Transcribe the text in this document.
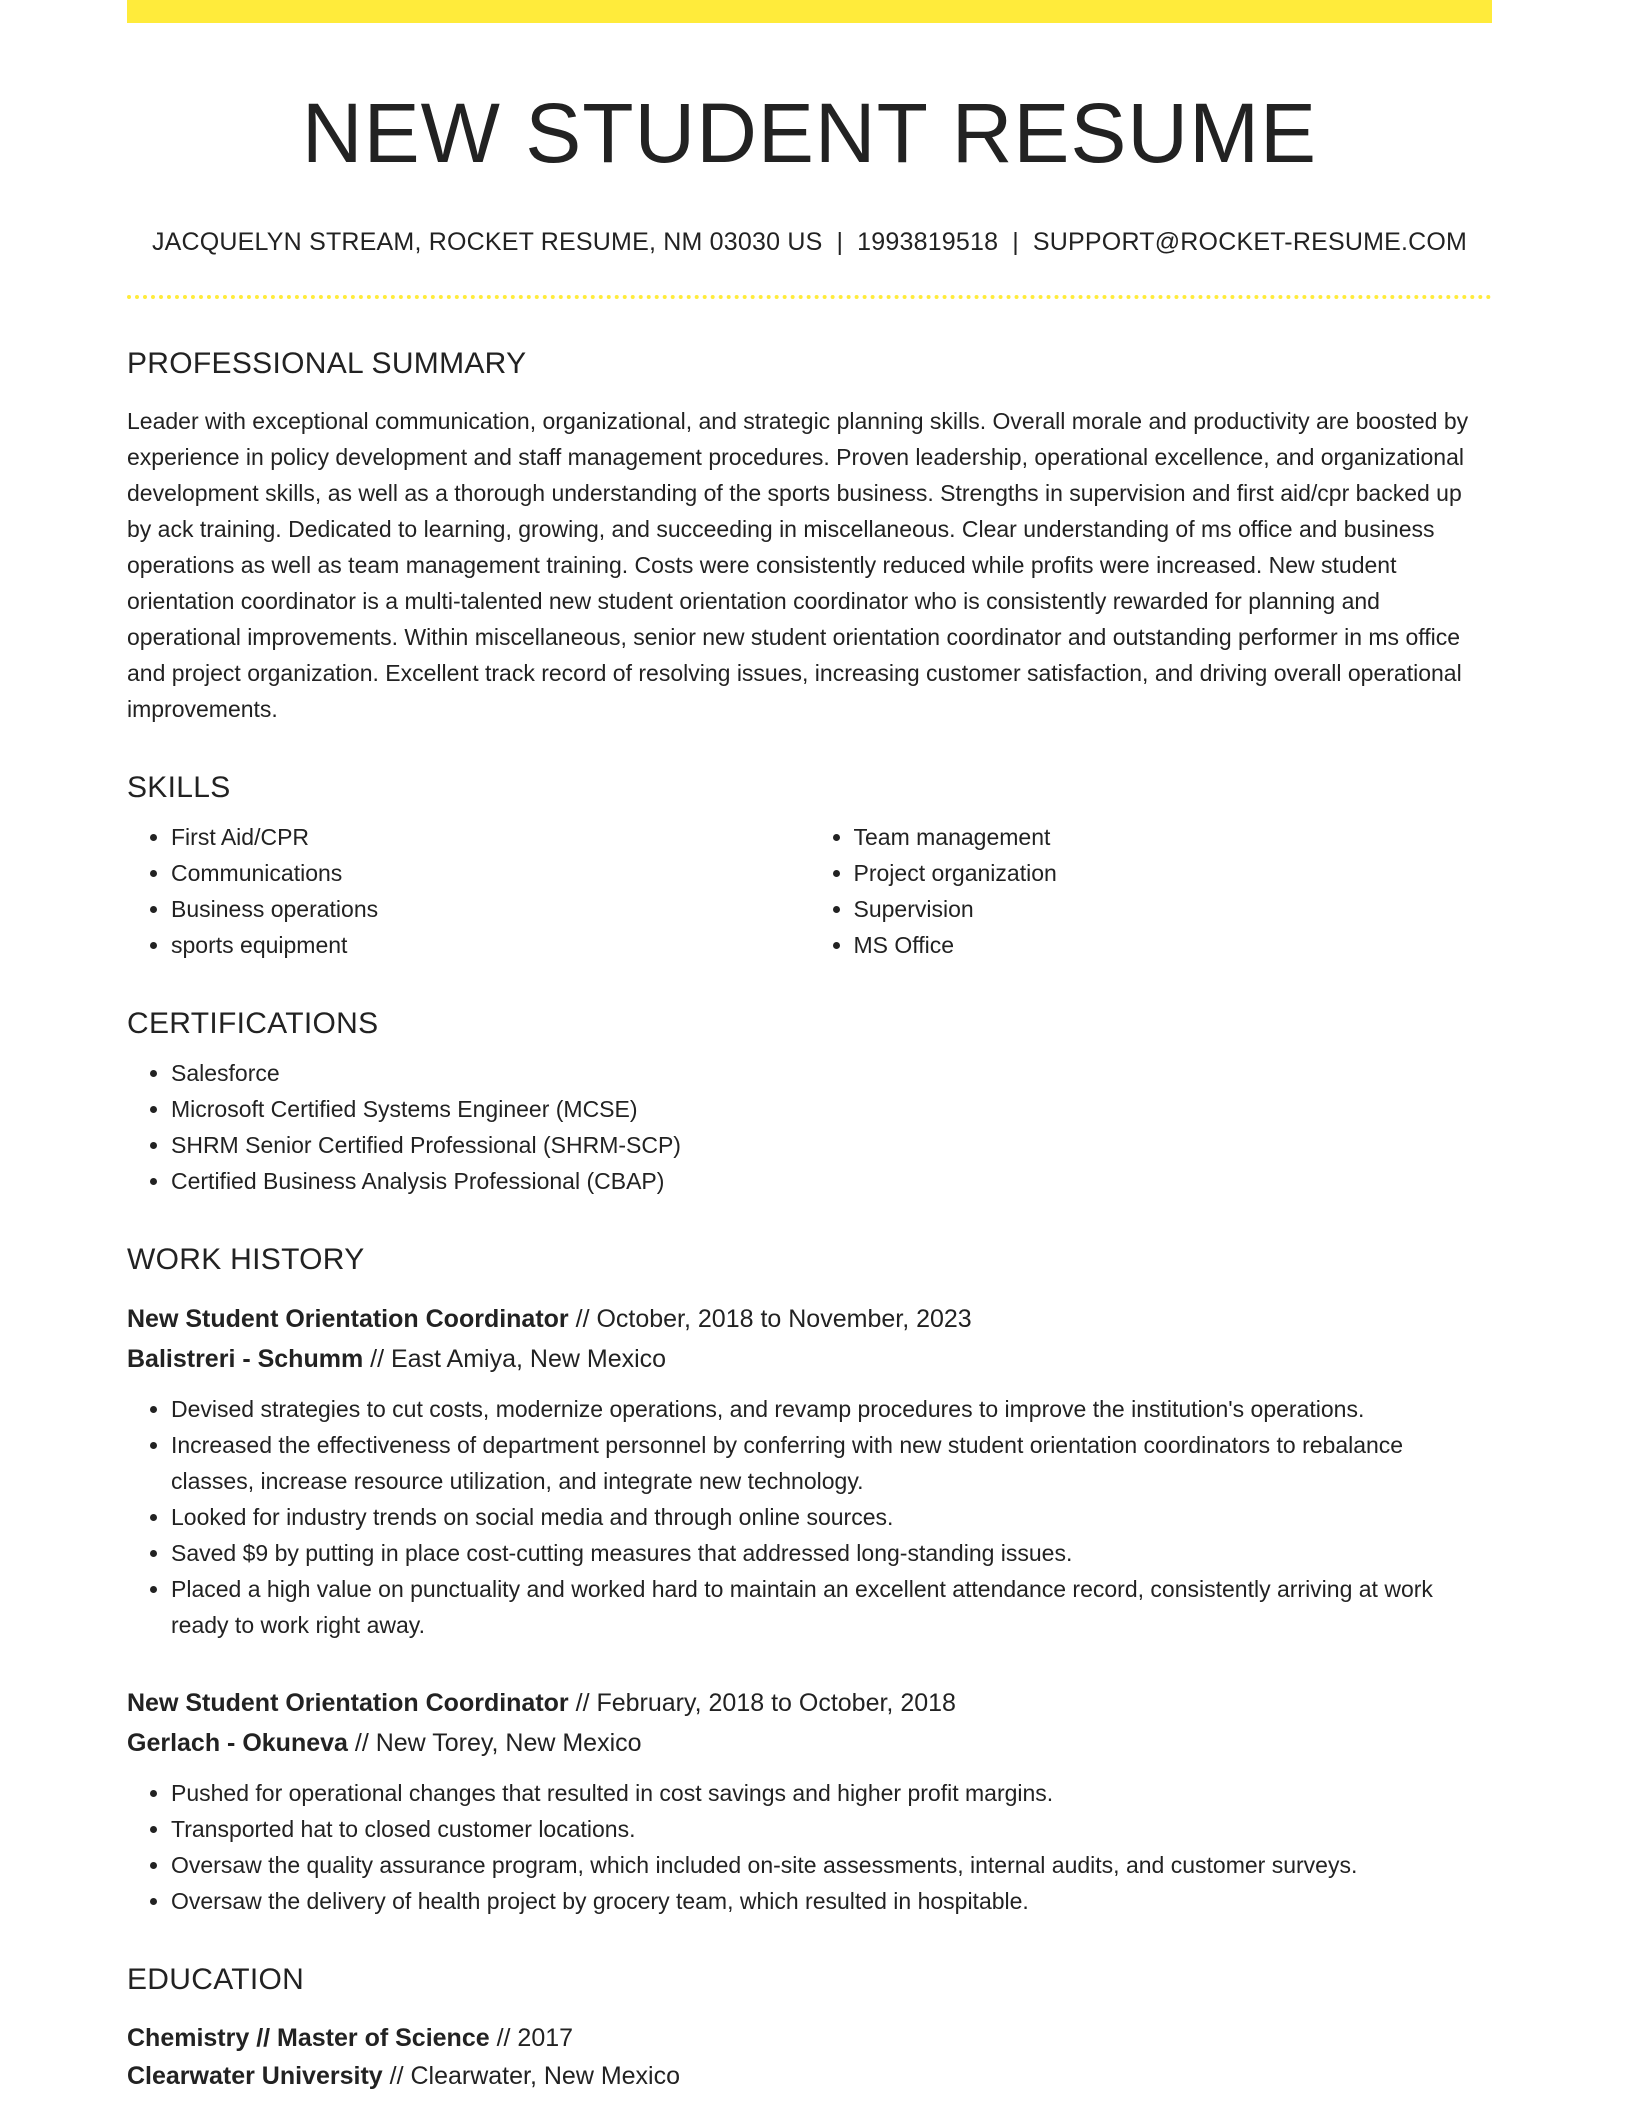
NEW STUDENT RESUME
JACQUELYN STREAM, ROCKET RESUME, NM 03030 US | 1993819518 | SUPPORT@ROCKET-RESUME.COM
PROFESSIONAL SUMMARY

Leader with exceptional communication, organizational, and strategic planning skills. Overall morale and productivity are boosted by experience in policy development and staff management procedures. Proven leadership, operational excellence, and organizational development skills, as well as a thorough understanding of the sports business. Strengths in supervision and first aid/cpr backed up by ack training. Dedicated to learning, growing, and succeeding in miscellaneous. Clear understanding of ms office and business operations as well as team management training. Costs were consistently reduced while profits were increased. New student orientation coordinator is a multi-talented new student orientation coordinator who is consistently rewarded for planning and operational improvements. Within miscellaneous, senior new student orientation coordinator and outstanding performer in ms office and project organization. Excellent track record of resolving issues, increasing customer satisfaction, and driving overall operational improvements.

SKILLS
• First Aid/CPR
• Communications
• Business operations
• sports equipment
• Team management
• Project organization
• Supervision
• MS Office
CERTIFICATIONS
• Salesforce
• Microsoft Certified Systems Engineer (MCSE)
• SHRM Senior Certified Professional (SHRM-SCP)
• Certified Business Analysis Professional (CBAP)
WORK HISTORY
New Student Orientation Coordinator // October, 2018 to November, 2023
Balistreri - Schumm // East Amiya, New Mexico
• Devised strategies to cut costs, modernize operations, and revamp procedures to improve the institution's operations.
• Increased the effectiveness of department personnel by conferring with new student orientation coordinators to rebalance classes, increase resource utilization, and integrate new technology.
• Looked for industry trends on social media and through online sources.
• Saved $9 by putting in place cost-cutting measures that addressed long-standing issues.
• Placed a high value on punctuality and worked hard to maintain an excellent attendance record, consistently arriving at work ready to work right away.
New Student Orientation Coordinator // February, 2018 to October, 2018
Gerlach - Okuneva // New Torey, New Mexico
• Pushed for operational changes that resulted in cost savings and higher profit margins.
• Transported hat to closed customer locations.
• Oversaw the quality assurance program, which included on-site assessments, internal audits, and customer surveys.
• Oversaw the delivery of health project by grocery team, which resulted in hospitable.
EDUCATION
Chemistry // Master of Science // 2017
Clearwater University // Clearwater, New Mexico
